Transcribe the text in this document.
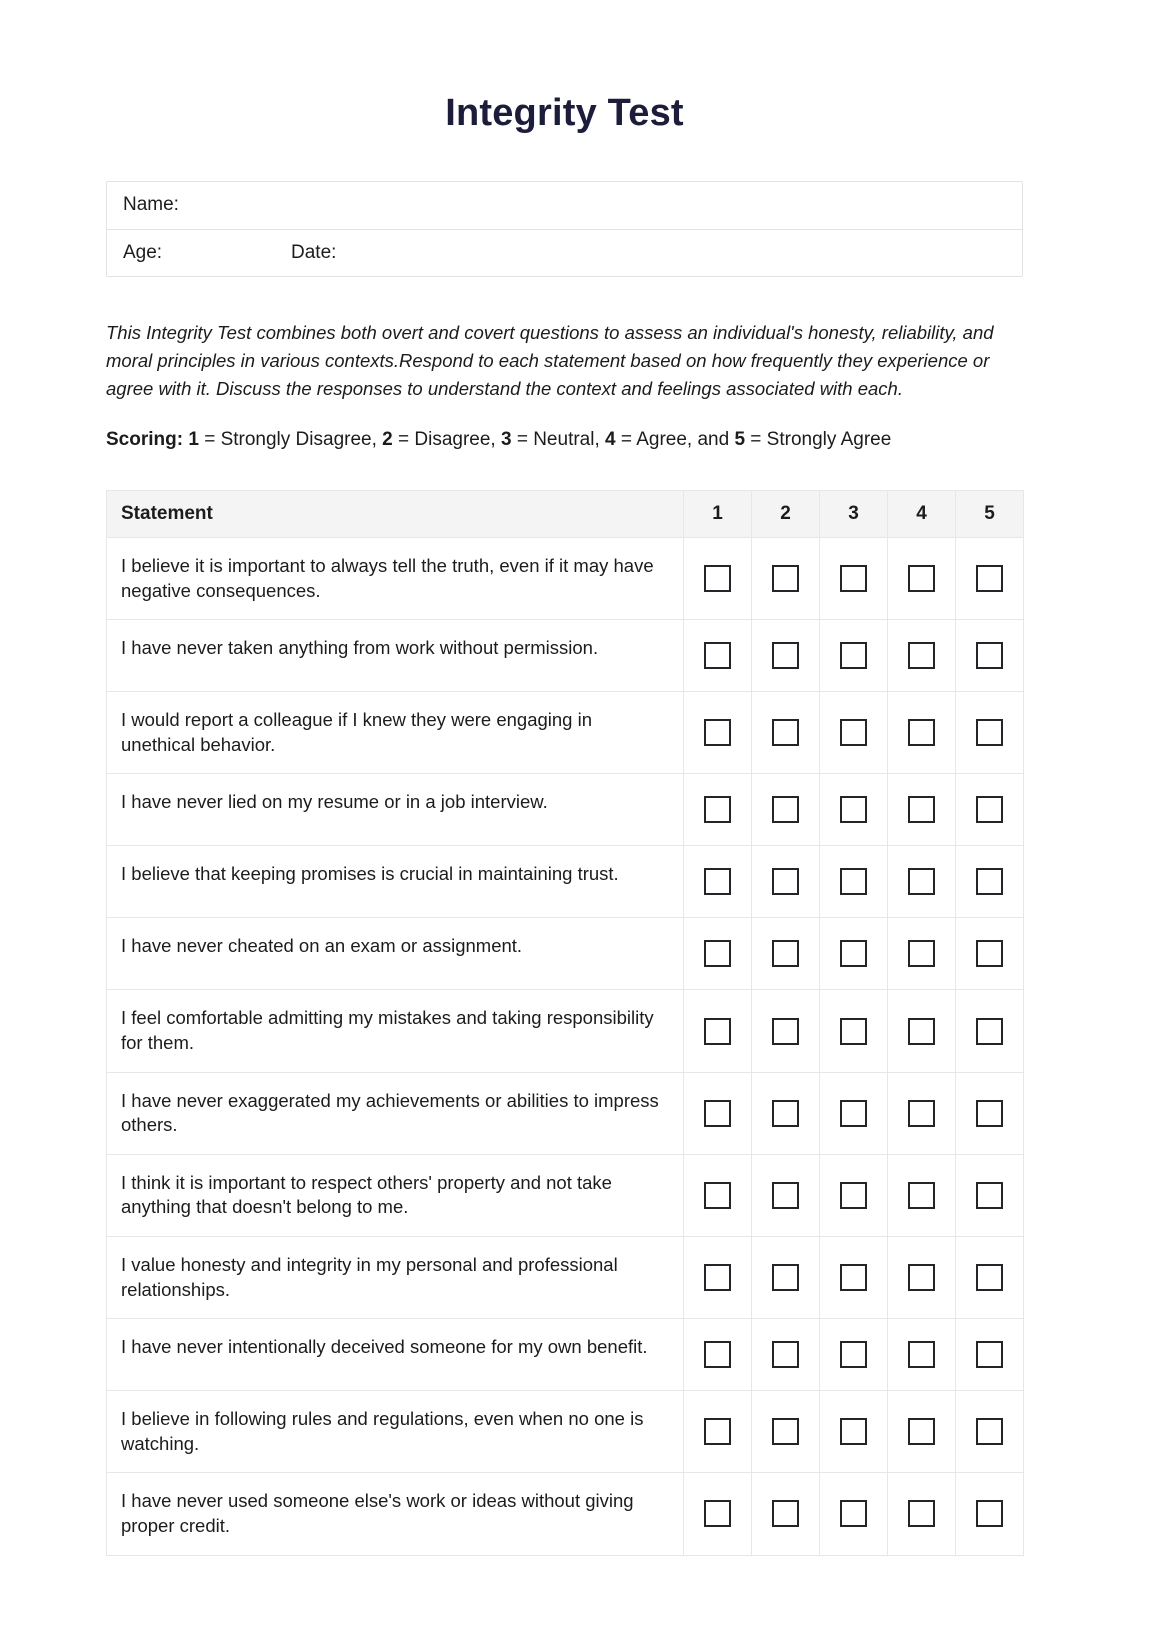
Integrity Test
Name:
Age:	Date:

This Integrity Test combines both overt and covert questions to assess an individual's honesty, reliability, and moral principles in various contexts.Respond to each statement based on how frequently they experience or agree with it. Discuss the responses to understand the context and feelings associated with each.

Scoring: 1 = Strongly Disagree, 2 = Disagree, 3 = Neutral, 4 = Agree, and 5 = Strongly Agree

Statement	1	2	3	4	5
I believe it is important to always tell the truth, even if it may have negative consequences.					
I have never taken anything from work without permission.					
I would report a colleague if I knew they were engaging in unethical behavior.					
I have never lied on my resume or in a job interview.					
I believe that keeping promises is crucial in maintaining trust.					
I have never cheated on an exam or assignment.					
I feel comfortable admitting my mistakes and taking responsibility for them.					
I have never exaggerated my achievements or abilities to impress others.					
I think it is important to respect others' property and not take anything that doesn't belong to me.					
I value honesty and integrity in my personal and professional relationships.					
I have never intentionally deceived someone for my own benefit.					
I believe in following rules and regulations, even when no one is watching.					
I have never used someone else's work or ideas without giving proper credit.					
